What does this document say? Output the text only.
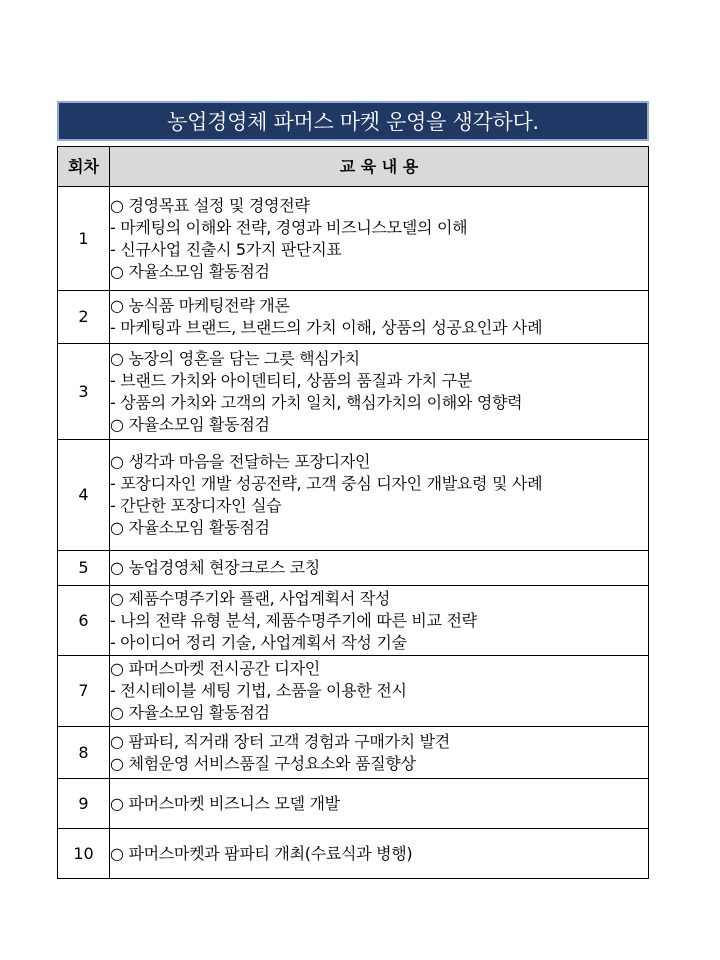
농업경영체 파머스 마켓 운영을 생각하다.
회차	교 육 내 용
1	○ 경영목표 설정 및 경영전략
- 마케팅의 이해와 전략, 경영과 비즈니스모델의 이해
- 신규사업 진출시 5가지 판단지표
○ 자율소모임 활동점검

2	○ 농식품 마케팅전략 개론
- 마케팅과 브랜드, 브랜드의 가치 이해, 상품의 성공요인과 사례

3	○ 농장의 영혼을 담는 그릇 핵심가치
- 브랜드 가치와 아이덴티티, 상품의 품질과 가치 구분
- 상품의 가치와 고객의 가치 일치, 핵심가치의 이해와 영향력
○ 자율소모임 활동점검

4	○ 생각과 마음을 전달하는 포장디자인
- 포장디자인 개발 성공전략, 고객 중심 디자인 개발요령 및 사례
- 간단한 포장디자인 실습
○ 자율소모임 활동점검

5	○ 농업경영체 현장크로스 코칭

6	○ 제품수명주기와 플랜, 사업계획서 작성
- 나의 전략 유형 분석, 제품수명주기에 따른 비교 전략
- 아이디어 정리 기술, 사업계획서 작성 기술

7	○ 파머스마켓 전시공간 디자인
- 전시테이블 세팅 기법, 소품을 이용한 전시
○ 자율소모임 활동점검

8	○ 팜파티, 직거래 장터 고객 경험과 구매가치 발견
○ 체험운영 서비스품질 구성요소와 품질향상

9	○ 파머스마켓 비즈니스 모델 개발

10	○ 파머스마켓과 팜파티 개최(수료식과 병행)
